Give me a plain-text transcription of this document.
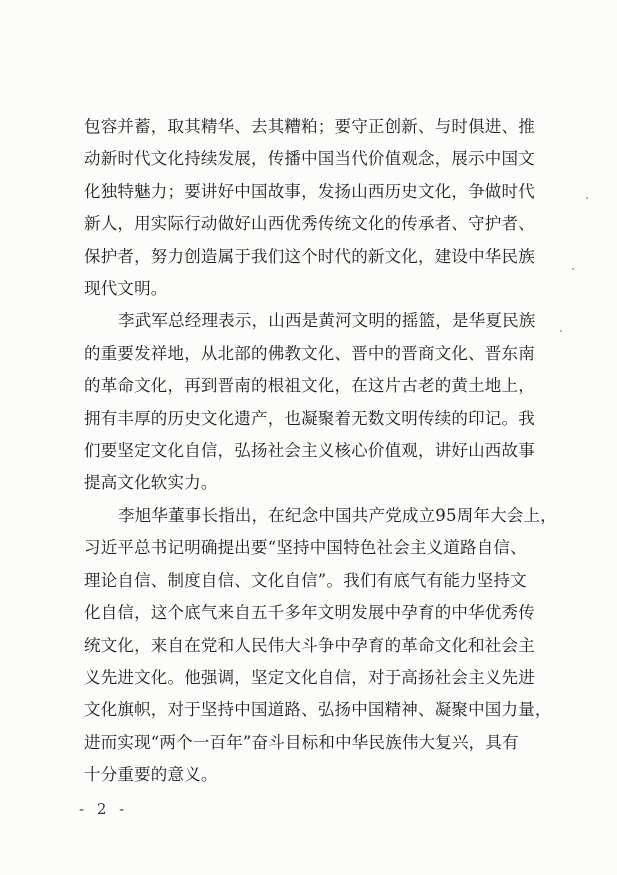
包容并蓄，取其精华、去其糟粕；要守正创新、与时俱进、推
动新时代文化持续发展，传播中国当代价值观念，展示中国文
化独特魅力；要讲好中国故事，发扬山西历史文化，争做时代
新人，用实际行动做好山西优秀传统文化的传承者、守护者、
保护者，努力创造属于我们这个时代的新文化，建设中华民族
现代文明。

李武军总经理表示，山西是黄河文明的摇篮，是华夏民族
的重要发祥地，从北部的佛教文化、晋中的晋商文化、晋东南
的革命文化，再到晋南的根祖文化，在这片古老的黄土地上，
拥有丰厚的历史文化遗产，也凝聚着无数文明传续的印记。我
们要坚定文化自信，弘扬社会主义核心价值观，讲好山西故事
提高文化软实力。

李旭华董事长指出，在纪念中国共产党成立95周年大会上，
习近平总书记明确提出要“坚持中国特色社会主义道路自信、
理论自信、制度自信、文化自信”。我们有底气有能力坚持文
化自信，这个底气来自五千多年文明发展中孕育的中华优秀传
统文化，来自在党和人民伟大斗争中孕育的革命文化和社会主
义先进文化。他强调，坚定文化自信，对于高扬社会主义先进
文化旗帜，对于坚持中国道路、弘扬中国精神、凝聚中国力量，
进而实现“两个一百年”奋斗目标和中华民族伟大复兴，具有
十分重要的意义。

- 2 -
